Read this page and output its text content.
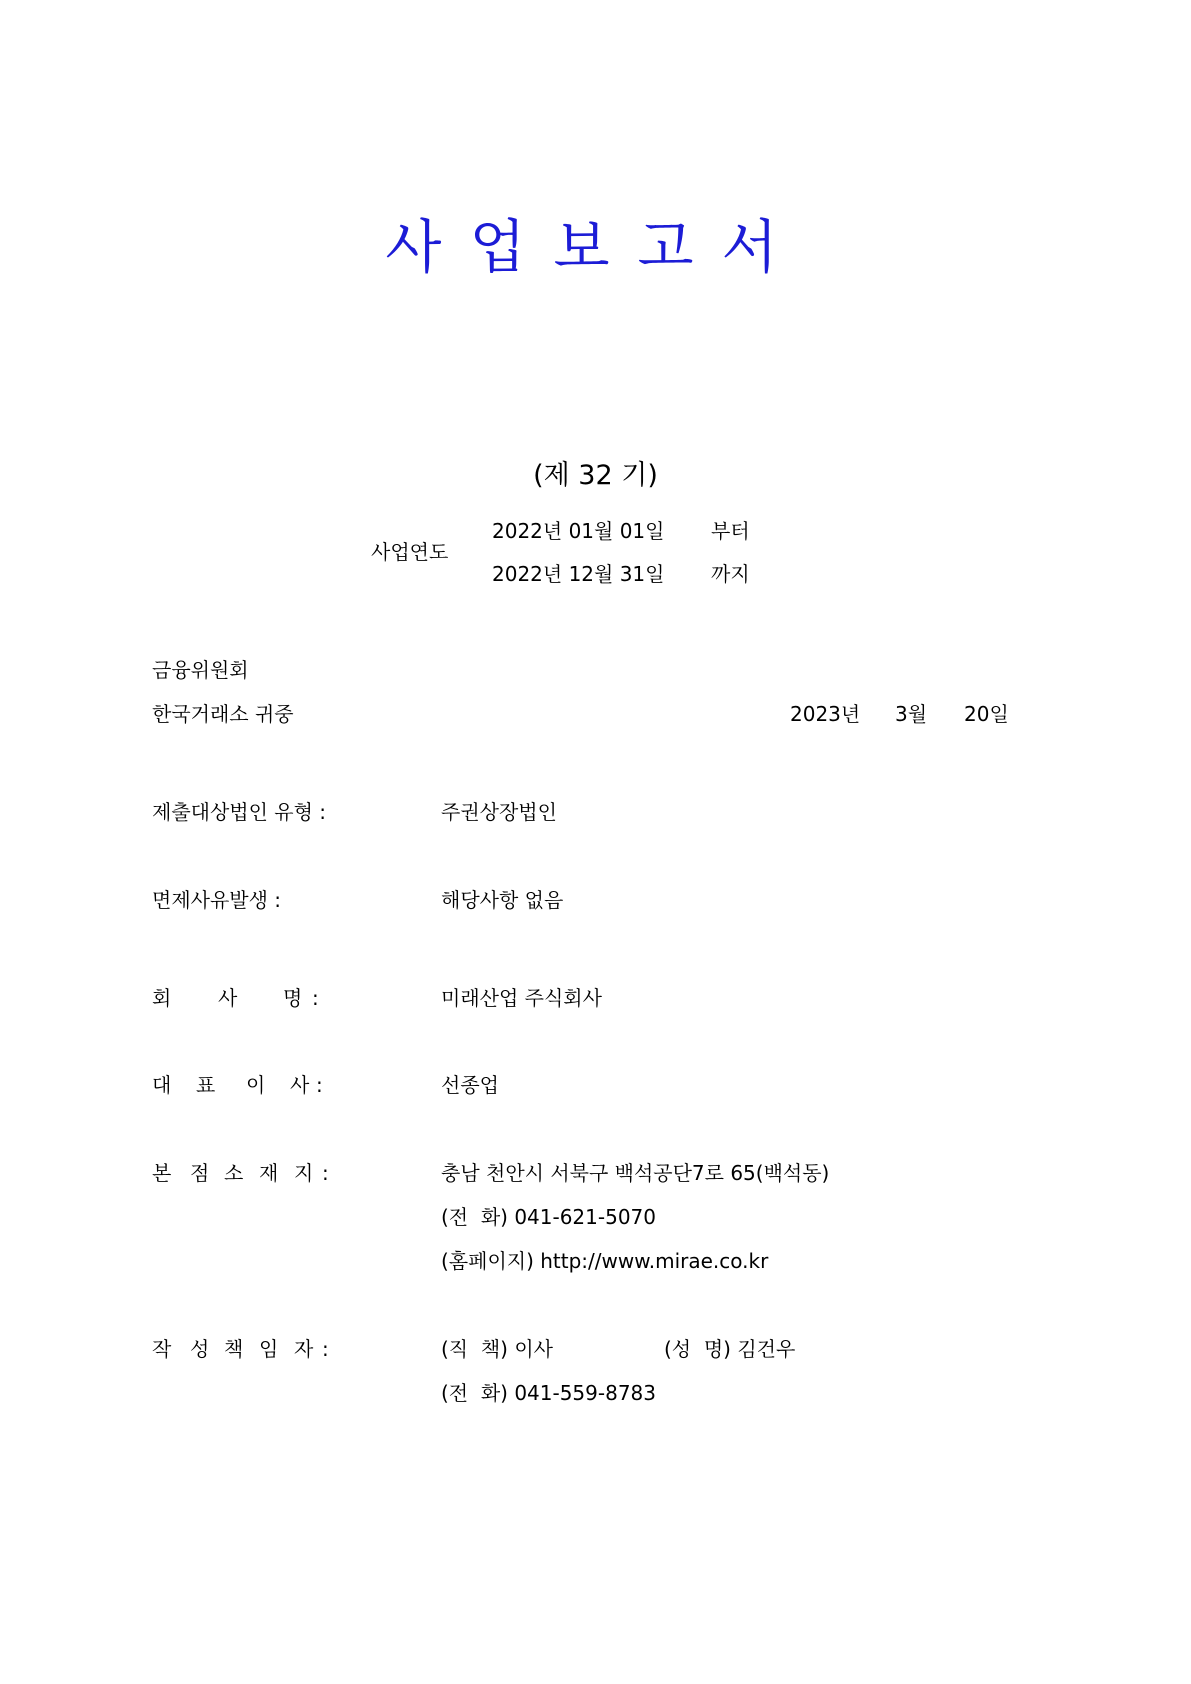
사업보고서
(제 32 기)
사업연도
2022년 01월 01일 부터
2022년 12월 31일 까지
금융위원회
한국거래소 귀중	2023년 3월 20일
제출대상법인 유형 :	주권상장법인
면제사유발생 :	해당사항 없음
회 사 명 :	미래산업 주식회사
대 표 이 사 :	선종업
본 점 소 재 지 :	충남 천안시 서북구 백석공단7로 65(백석동)
(전  화) 041-621-5070
(홈페이지) http://www.mirae.co.kr
작 성 책 임 자 :	(직  책) 이사	(성  명) 김건우
(전  화) 041-559-8783
